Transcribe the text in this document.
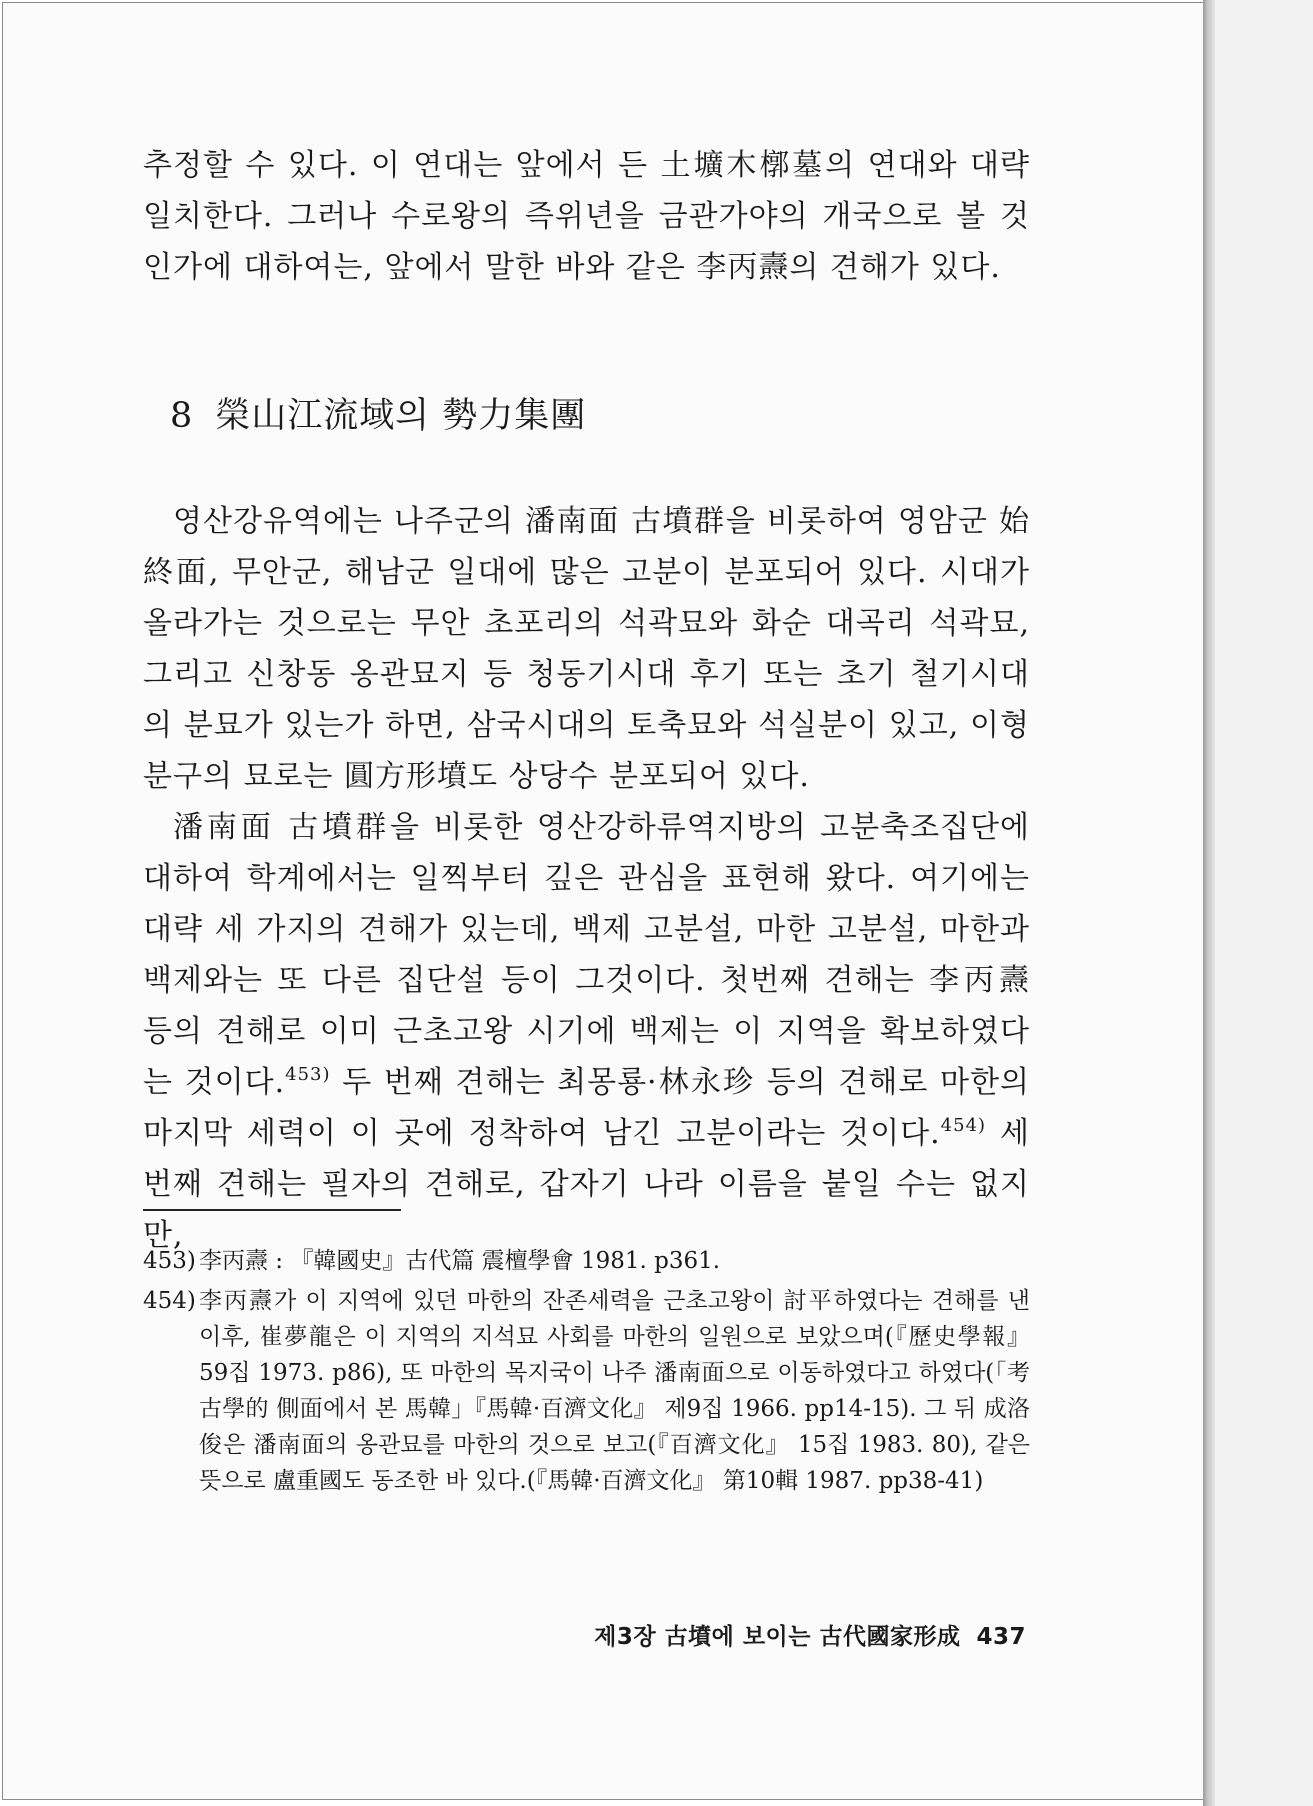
추정할 수 있다. 이 연대는 앞에서 든 土壙木槨墓의 연대와 대략 일치한다. 그러나 수로왕의 즉위년을 금관가야의 개국으로 볼 것인가에 대하여는, 앞에서 말한 바와 같은 李丙燾의 견해가 있다.

8 榮山江流域의 勢力集團

영산강유역에는 나주군의 潘南面 古墳群을 비롯하여 영암군 始終面, 무안군, 해남군 일대에 많은 고분이 분포되어 있다. 시대가 올라가는 것으로는 무안 초포리의 석곽묘와 화순 대곡리 석곽묘, 그리고 신창동 옹관묘지 등 청동기시대 후기 또는 초기 철기시대의 분묘가 있는가 하면, 삼국시대의 토축묘와 석실분이 있고, 이형분구의 묘로는 圓方形墳도 상당수 분포되어 있다.

潘南面 古墳群을 비롯한 영산강하류역지방의 고분축조집단에 대하여 학계에서는 일찍부터 깊은 관심을 표현해 왔다. 여기에는 대략 세 가지의 견해가 있는데, 백제 고분설, 마한 고분설, 마한과 백제와는 또 다른 집단설 등이 그것이다. 첫번째 견해는 李丙燾 등의 견해로 이미 근초고왕 시기에 백제는 이 지역을 확보하였다는 것이다.$^{453)}$ 두 번째 견해는 최몽룡·林永珍 등의 견해로 마한의 마지막 세력이 이 곳에 정착하여 남긴 고분이라는 것이다.$^{454)}$ 세 번째 견해는 필자의 견해로, 갑자기 나라 이름을 붙일 수는 없지만,

453) 李丙燾 : 『韓國史』古代篇 震檀學會 1981. p361.
454) 李丙燾가 이 지역에 있던 마한의 잔존세력을 근초고왕이 討平하였다는 견해를 낸 이후, 崔夢龍은 이 지역의 지석묘 사회를 마한의 일원으로 보았으며(『歷史學報』 59집 1973. p86), 또 마한의 목지국이 나주 潘南面으로 이동하였다고 하였다(「考古學的 側面에서 본 馬韓」『馬韓·百濟文化』 제9집 1966. pp14-15). 그 뒤 成洛俊은 潘南面의 옹관묘를 마한의 것으로 보고(『百濟文化』 15집 1983. 80), 같은 뜻으로 盧重國도 동조한 바 있다.(『馬韓·百濟文化』 第10輯 1987. pp38-41)
제3장 古墳에 보이는 古代國家形成 437
